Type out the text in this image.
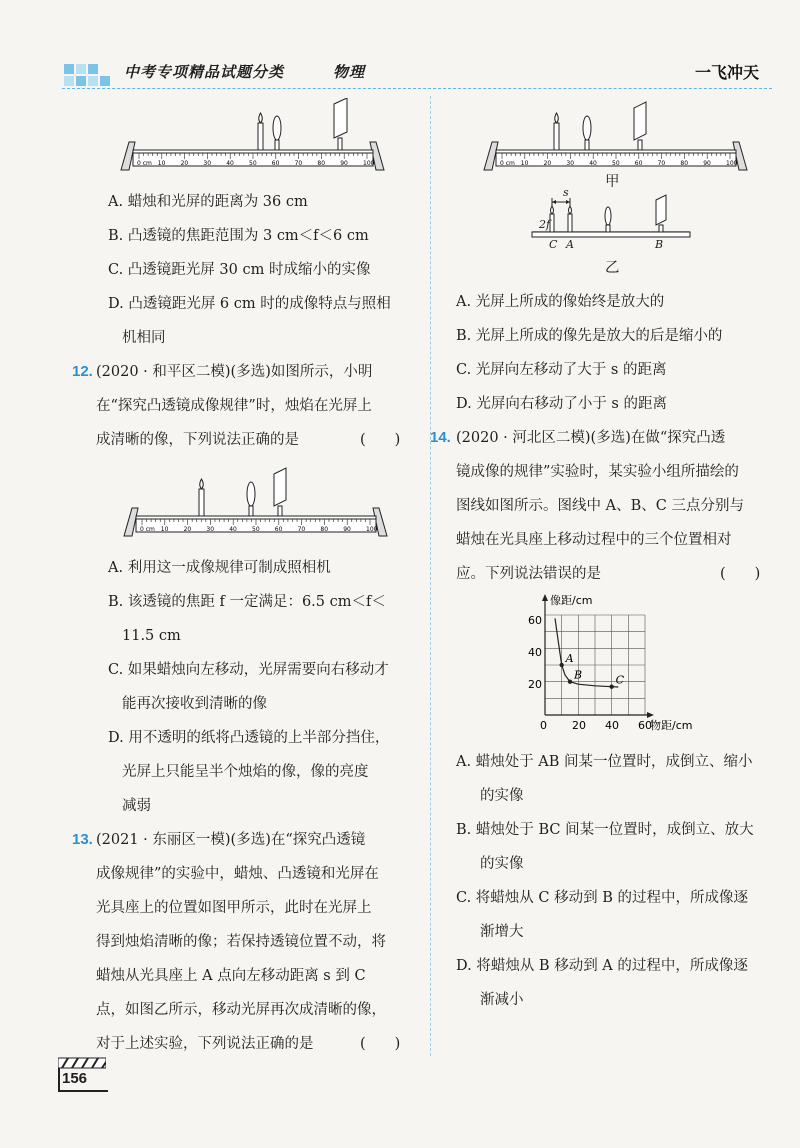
中考专项精品试题分类	物理	一飞冲天
0 cm 10	20	30	40	50	60	70	80	90	100
A. 蜡烛和光屏的距离为 36 cm
B. 凸透镜的焦距范围为 3 cm＜f＜6 cm
C. 凸透镜距光屏 30 cm 时成缩小的实像
D. 凸透镜距光屏 6 cm 时的成像特点与照相
机相同
12. (2020 · 和平区二模)(多选)如图所示，小明
在“探究凸透镜成像规律”时，烛焰在光屏上
成清晰的像，下列说法正确的是	(　　)
0 cm 10	20	30	40	50	60	70	80	90	100
A. 利用这一成像规律可制成照相机
B. 该透镜的焦距 f 一定满足：6.5 cm＜f＜
11.5 cm
C. 如果蜡烛向左移动，光屏需要向右移动才
能再次接收到清晰的像
D. 用不透明的纸将凸透镜的上半部分挡住，
光屏上只能呈半个烛焰的像，像的亮度
减弱
13. (2021 · 东丽区一模)(多选)在“探究凸透镜
成像规律”的实验中，蜡烛、凸透镜和光屏在
光具座上的位置如图甲所示，此时在光屏上
得到烛焰清晰的像；若保持透镜位置不动，将
蜡烛从光具座上 A 点向左移动距离 s 到 C
点，如图乙所示，移动光屏再次成清晰的像，
对于上述实验，下列说法正确的是	(　　)
0 cm 10	20	30	40	50	60	70	80	90	100
甲
s
2f
C A	B
乙
A. 光屏上所成的像始终是放大的
B. 光屏上所成的像先是放大的后是缩小的
C. 光屏向左移动了大于 s 的距离
D. 光屏向右移动了小于 s 的距离
14. (2020 · 河北区二模)(多选)在做“探究凸透
镜成像的规律”实验时，某实验小组所描绘的
图线如图所示。图线中 A、B、C 三点分别与
蜡烛在光具座上移动过程中的三个位置相对
应。下列说法错误的是	(　　)
A
B	C
像距/cm
物距/cm
0 20 40 60
20
40
60
A. 蜡烛处于 AB 间某一位置时，成倒立、缩小
的实像
B. 蜡烛处于 BC 间某一位置时，成倒立、放大
的实像
C. 将蜡烛从 C 移动到 B 的过程中，所成像逐
渐增大
D. 将蜡烛从 B 移动到 A 的过程中，所成像逐
渐减小
156
